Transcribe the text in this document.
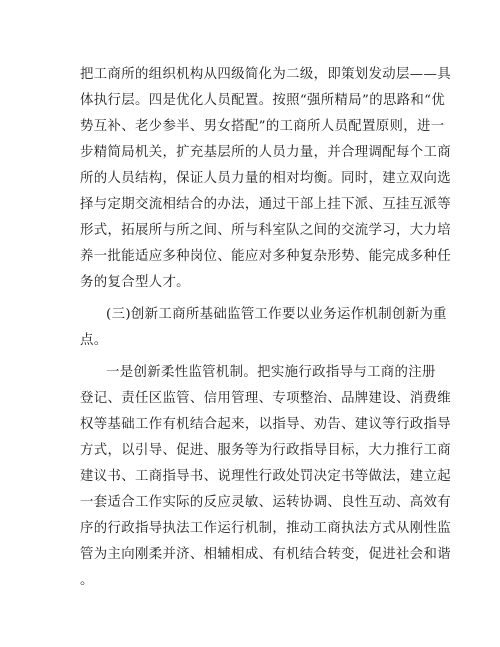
把工商所的组织机构从四级简化为二级，即策划发动层——具
体执行层。四是优化人员配置。按照“强所精局”的思路和“优
势互补、老少参半、男女搭配”的工商所人员配置原则，进一
步精简局机关，扩充基层所的人员力量，并合理调配每个工商
所的人员结构，保证人员力量的相对均衡。同时，建立双向选
择与定期交流相结合的办法，通过干部上挂下派、互挂互派等
形式，拓展所与所之间、所与科室队之间的交流学习，大力培
养一批能适应多种岗位、能应对多种复杂形势、能完成多种任
务的复合型人才。
(三)创新工商所基础监管工作要以业务运作机制创新为重
点。
一是创新柔性监管机制。把实施行政指导与工商的注册
登记、责任区监管、信用管理、专项整治、品牌建设、消费维
权等基础工作有机结合起来，以指导、劝告、建议等行政指导
方式，以引导、促进、服务等为行政指导目标，大力推行工商
建议书、工商指导书、说理性行政处罚决定书等做法，建立起
一套适合工作实际的反应灵敏、运转协调、良性互动、高效有
序的行政指导执法工作运行机制，推动工商执法方式从刚性监
管为主向刚柔并济、相辅相成、有机结合转变，促进社会和谐
。
